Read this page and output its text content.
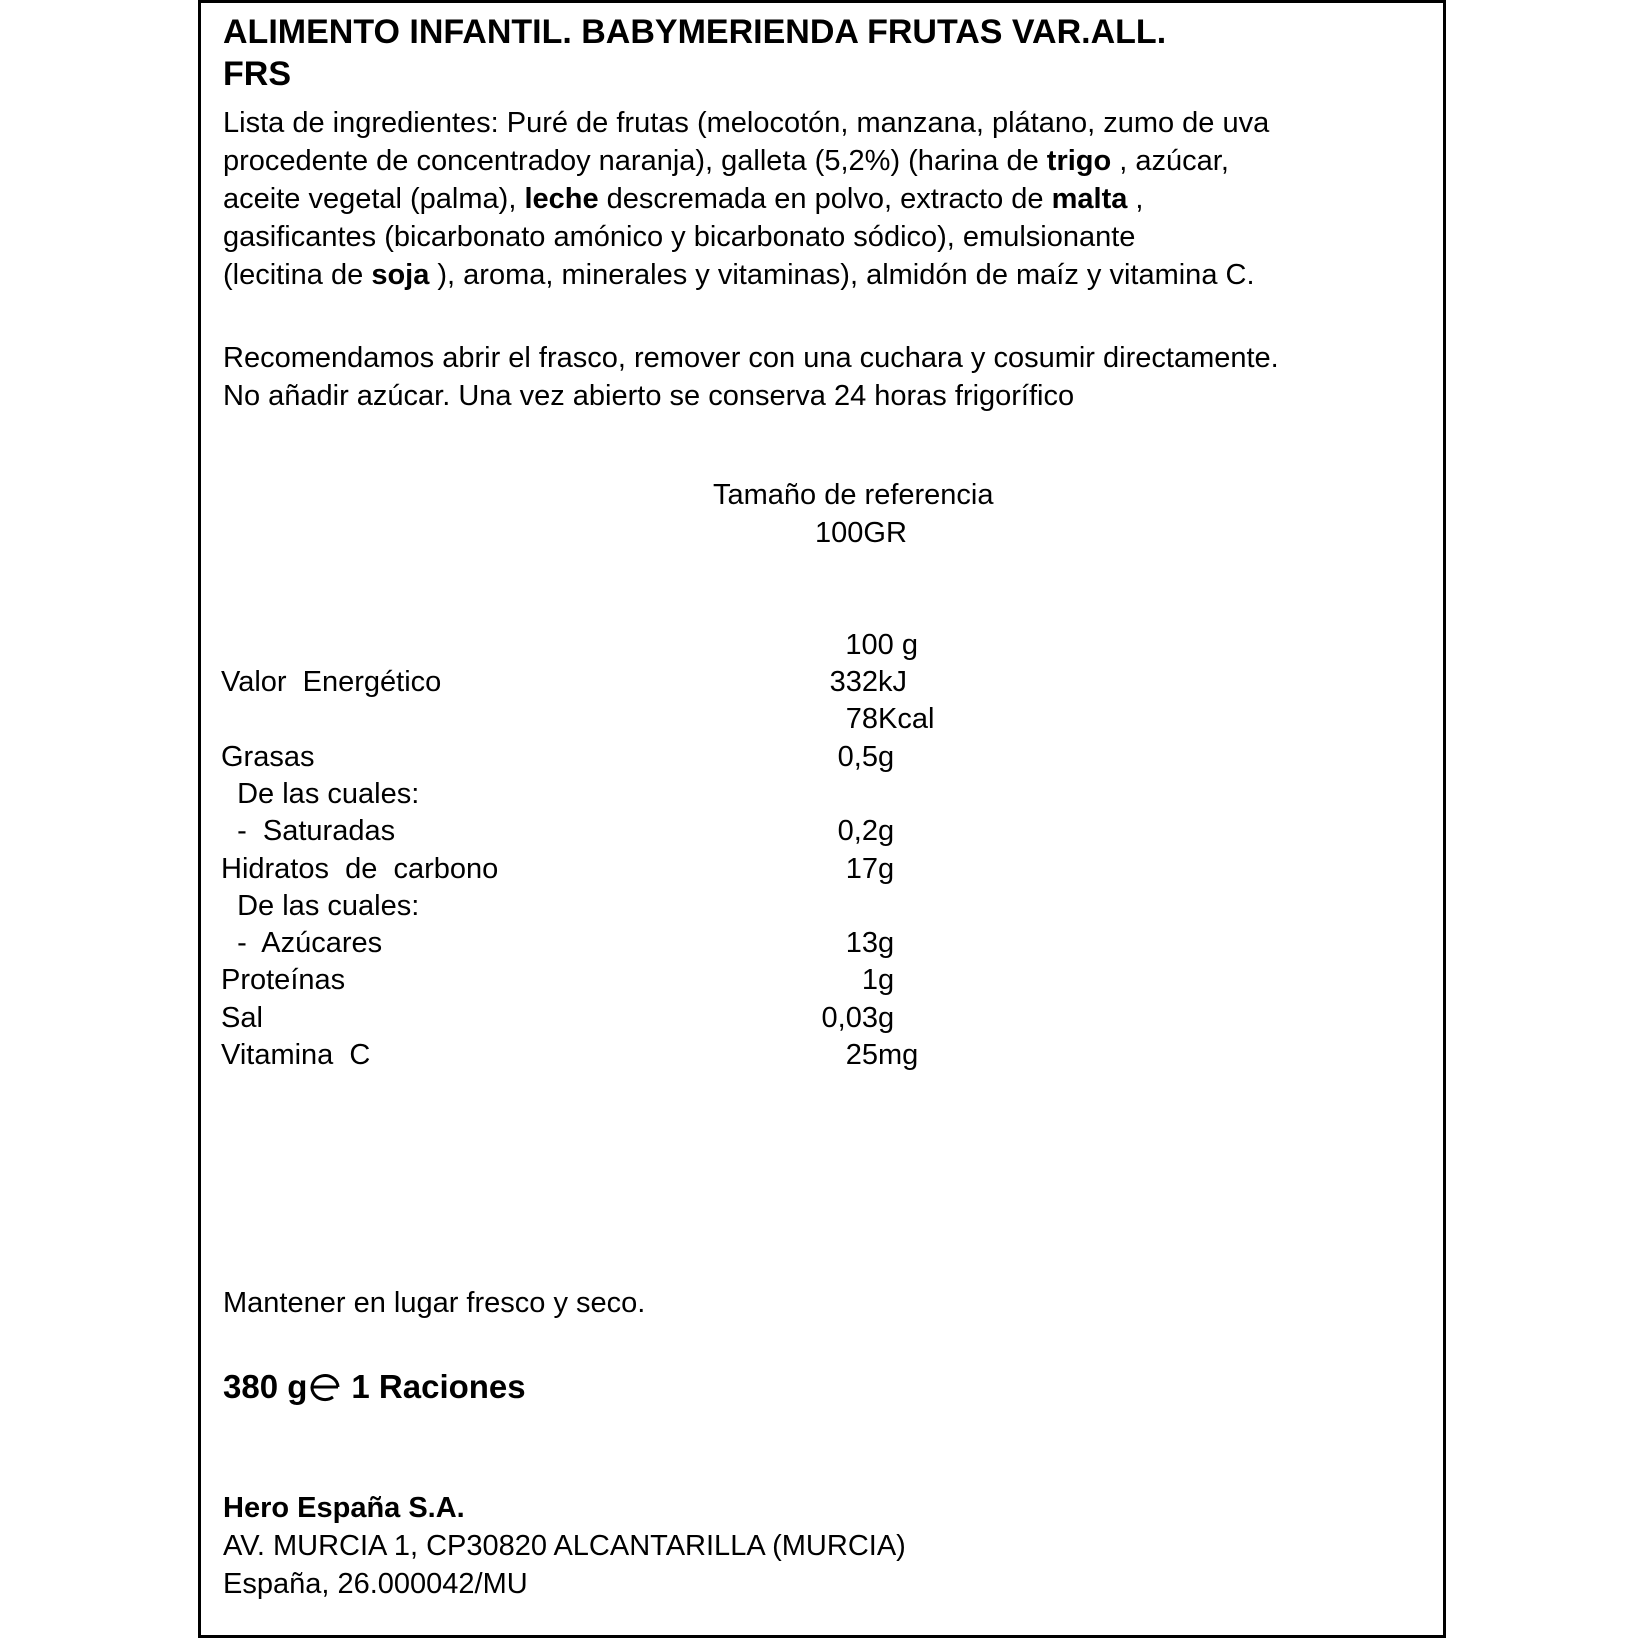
ALIMENTO INFANTIL. BABYMERIENDA FRUTAS VAR.ALL.
FRS
Lista de ingredientes: Puré de frutas (melocotón, manzana, plátano, zumo de uva
procedente de concentradoy naranja), galleta (5,2%) (harina de trigo , azúcar,
aceite vegetal (palma), leche descremada en polvo, extracto de malta ,
gasificantes (bicarbonato amónico y bicarbonato sódico), emulsionante
(lecitina de soja ), aroma, minerales y vitaminas), almidón de maíz y vitamina C.
Recomendamos abrir el frasco, remover con una cuchara y cosumir directamente.
No añadir azúcar. Una vez abierto se conserva 24 horas frigorífico
Tamaño de referencia
100GR
100 g
Valor  Energético	332 kJ
78 Kcal
Grasas	0,5 g
De las cuales:
-  Saturadas	0,2 g
Hidratos  de  carbono	17 g
De las cuales:
-  Azúcares	13 g
Proteínas	1 g
Sal	0,03 g
Vitamina  C	25 mg
Mantener en lugar fresco y seco.
380 g 1 Raciones
Hero España S.A.
AV. MURCIA 1, CP30820 ALCANTARILLA (MURCIA)
España, 26.000042/MU
